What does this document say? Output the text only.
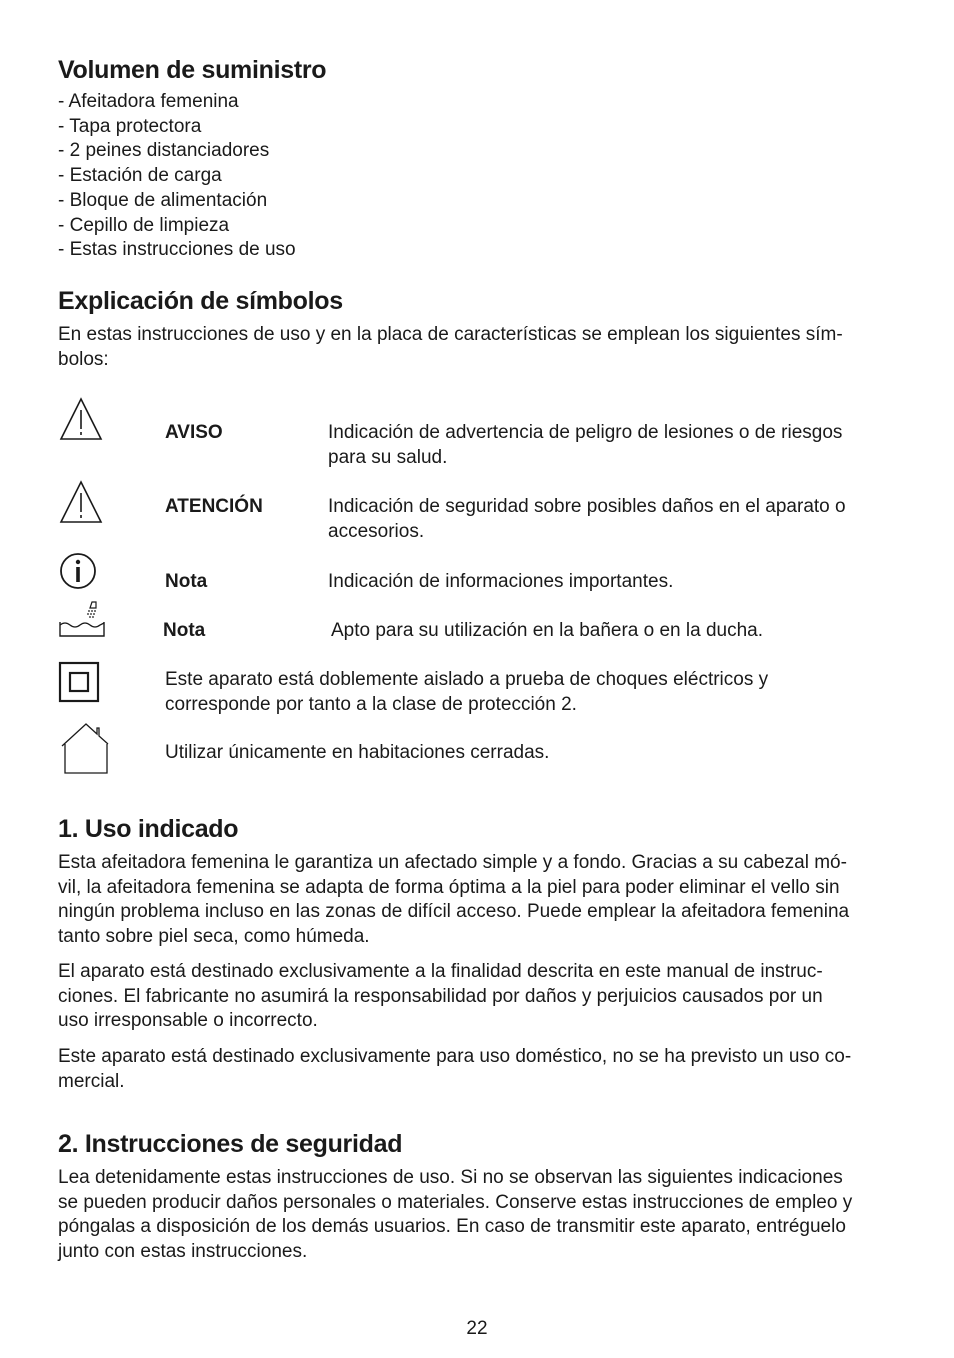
Volumen de suministro
- Afeitadora femenina
- Tapa protectora
- 2 peines distanciadores
- Estación de carga
- Bloque de alimentación
- Cepillo de limpieza
- Estas instrucciones de uso
Explicación de símbolos

En estas instrucciones de uso y en la placa de características se emplean los siguientes sím-
bolos:

AVISO	Indicación de advertencia de peligro de lesiones o de riesgos
para su salud.
ATENCIÓN	Indicación de seguridad sobre posibles daños en el aparato o
accesorios.
Nota	Indicación de informaciones importantes.
Nota	Apto para su utilización en la bañera o en la ducha.
Este aparato está doblemente aislado a prueba de choques eléctricos y
corresponde por tanto a la clase de protección 2.
Utilizar únicamente en habitaciones cerradas.
1. Uso indicado

Esta afeitadora femenina le garantiza un afectado simple y a fondo. Gracias a su cabezal mó-
vil, la afeitadora femenina se adapta de forma óptima a la piel para poder eliminar el vello sin
ningún problema incluso en las zonas de difícil acceso. Puede emplear la afeitadora femenina
tanto sobre piel seca, como húmeda.

El aparato está destinado exclusivamente a la finalidad descrita en este manual de instruc-
ciones. El fabricante no asumirá la responsabilidad por daños y perjuicios causados por un
uso irresponsable o incorrecto.

Este aparato está destinado exclusivamente para uso doméstico, no se ha previsto un uso co-
mercial.

2. Instrucciones de seguridad

Lea detenidamente estas instrucciones de uso. Si no se observan las siguientes indicaciones
se pueden producir daños personales o materiales. Conserve estas instrucciones de empleo y
póngalas a disposición de los demás usuarios. En caso de transmitir este aparato, entréguelo
junto con estas instrucciones.

22
